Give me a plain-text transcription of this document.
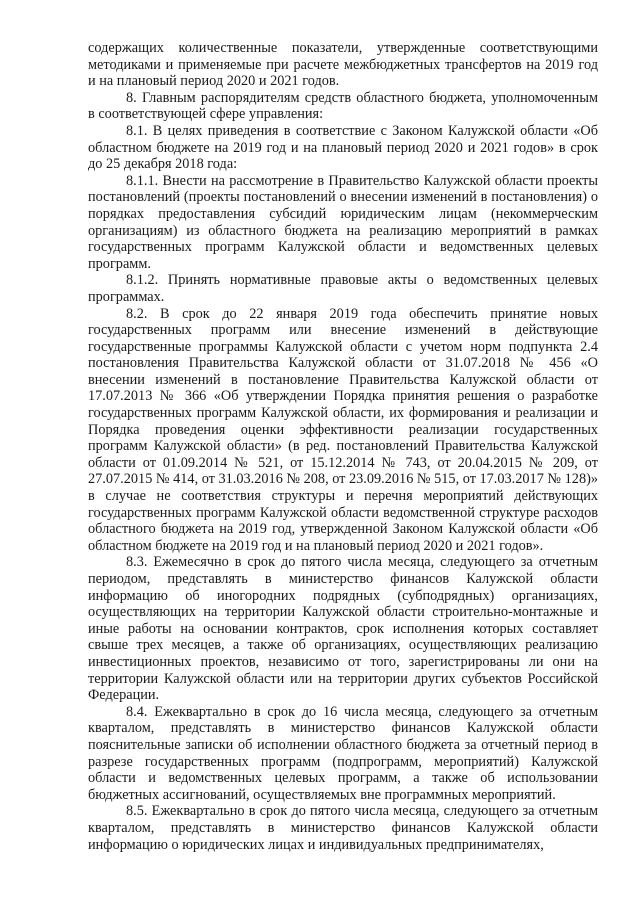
содержащих количественные показатели, утвержденные соответствующими методиками и применяемые при расчете межбюджетных трансфертов на 2019 год и на плановый период 2020 и 2021 годов.

8. Главным распорядителям средств областного бюджета, уполномоченным в соответствующей сфере управления:

8.1. В целях приведения в соответствие с Законом Калужской области «Об областном бюджете на 2019 год и на плановый период 2020 и 2021 годов» в срок до 25 декабря 2018 года:

8.1.1. Внести на рассмотрение в Правительство Калужской области проекты постановлений (проекты постановлений о внесении изменений в постановления) о порядках предоставления субсидий юридическим лицам (некоммерческим организациям) из областного бюджета на реализацию мероприятий в рамках государственных программ Калужской области и ведомственных целевых программ.

8.1.2. Принять нормативные правовые акты о ведомственных целевых программах.

8.2. В срок до 22 января 2019 года обеспечить принятие новых государственных программ или внесение изменений в действующие государственные программы Калужской области с учетом норм подпункта 2.4 постановления Правительства Калужской области от 31.07.2018 № 456 «О внесении изменений в постановление Правительства Калужской области от 17.07.2013 № 366 «Об утверждении Порядка принятия решения о разработке государственных программ Калужской области, их формирования и реализации и Порядка проведения оценки эффективности реализации государственных программ Калужской области» (в ред. постановлений Правительства Калужской области от 01.09.2014 № 521, от 15.12.2014 № 743, от 20.04.2015 № 209, от 27.07.2015 № 414, от 31.03.2016 № 208, от 23.09.2016 № 515, от 17.03.2017 № 128)» в случае не соответствия структуры и перечня мероприятий действующих государственных программ Калужской области ведомственной структуре расходов областного бюджета на 2019 год, утвержденной Законом Калужской области «Об областном бюджете на 2019 год и на плановый период 2020 и 2021 годов».

8.3. Ежемесячно в срок до пятого числа месяца, следующего за отчетным периодом, представлять в министерство финансов Калужской области информацию об иногородних подрядных (субподрядных) организациях, осуществляющих на территории Калужской области строительно-монтажные и иные работы на основании контрактов, срок исполнения которых составляет свыше трех месяцев, а также об организациях, осуществляющих реализацию инвестиционных проектов, независимо от того, зарегистрированы ли они на территории Калужской области или на территории других субъектов Российской Федерации.

8.4. Ежеквартально в срок до 16 числа месяца, следующего за отчетным кварталом, представлять в министерство финансов Калужской области пояснительные записки об исполнении областного бюджета за отчетный период в разрезе государственных программ (подпрограмм, мероприятий) Калужской области и ведомственных целевых программ, а также об использовании бюджетных ассигнований, осуществляемых вне программных мероприятий.

8.5. Ежеквартально в срок до пятого числа месяца, следующего за отчетным кварталом, представлять в министерство финансов Калужской области информацию о юридических лицах и индивидуальных предпринимателях,
